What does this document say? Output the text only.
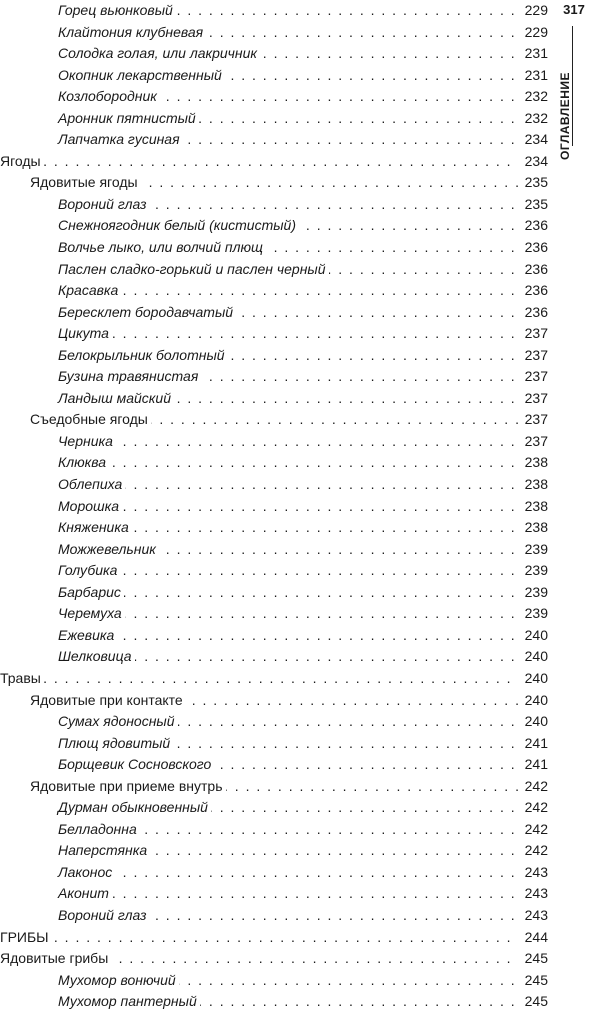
. . .
Горец вьюнковый	229
. . .
Клайтония клубневая	229
. . .
Солодка голая, или лакричник	231
. . .
Окопник лекарственный	231
. . .
Козлобородник	232
. . .
Аронник пятнистый	232
. . .
Лапчатка гусиная	234
. . .
Ягоды	234
. . .
Ядовитые ягоды	235
. . .
Вороний глаз	235
. . .
Снежноягодник белый (кистистый)	236
. . .
Волчье лыко, или волчий плющ	236
. . .
Паслен сладко-горький и паслен черный	236
. . .
Красавка	236
. . .
Бересклет бородавчатый	236
. . .
Цикута	237
. . .
Белокрыльник болотный	237
. . .
Бузина травянистая	237
. . .
Ландыш майский	237
. . .
Съедобные ягоды	237
. . .
Черника	237
. . .
Клюква	238
. . .
Облепиха	238
. . .
Морошка	238
. . .
Княженика	238
. . .
Можжевельник	239
. . .
Голубика	239
. . .
Барбарис	239
. . .
Черемуха	239
. . .
Ежевика	240
. . .
Шелковица	240
. . .
Травы	240
. . .
Ядовитые при контакте	240
. . .
Сумах ядоносный	240
. . .
Плющ ядовитый	241
. . .
Борщевик Сосновского	241
. . .
Ядовитые при приеме внутрь	242
. . .
Дурман обыкновенный	242
. . .
Белладонна	242
. . .
Наперстянка	242
. . .
Лаконос	243
. . .
Аконит	243
. . .
Вороний глаз	243
. . .
ГРИБЫ	244
. . .
Ядовитые грибы	245
. . .
Мухомор вонючий	245
. . .
Мухомор пантерный	245
317
ОГЛАВЛЕНИЕ
